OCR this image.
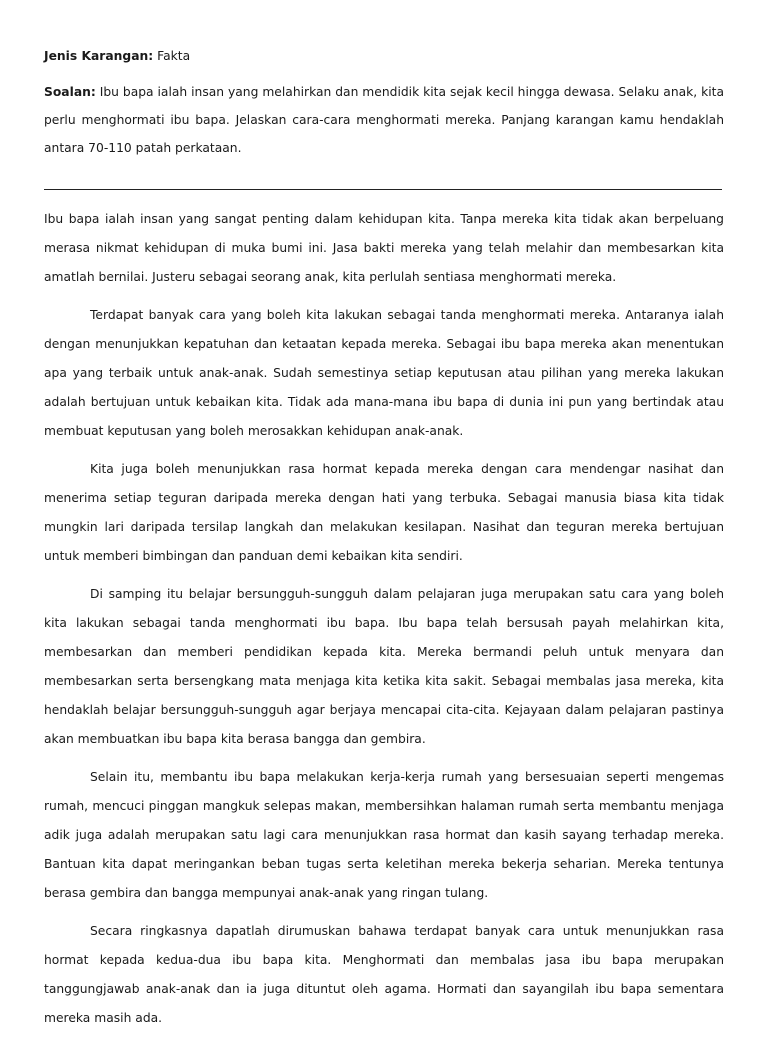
Jenis Karangan: Fakta
Soalan: Ibu bapa ialah insan yang melahirkan dan mendidik kita sejak kecil hingga dewasa. Selaku anak, kita perlu menghormati ibu bapa. Jelaskan cara-cara menghormati mereka. Panjang karangan kamu hendaklah antara 70-110 patah perkataan.

Ibu bapa ialah insan yang sangat penting dalam kehidupan kita. Tanpa mereka kita tidak akan berpeluang merasa nikmat kehidupan di muka bumi ini. Jasa bakti mereka yang telah melahir dan membesarkan kita amatlah bernilai. Justeru sebagai seorang anak, kita perlulah sentiasa menghormati mereka.

Terdapat banyak cara yang boleh kita lakukan sebagai tanda menghormati mereka. Antaranya ialah dengan menunjukkan kepatuhan dan ketaatan kepada mereka. Sebagai ibu bapa mereka akan menentukan apa yang terbaik untuk anak-anak. Sudah semestinya setiap keputusan atau pilihan yang mereka lakukan adalah bertujuan untuk kebaikan kita. Tidak ada mana-mana ibu bapa di dunia ini pun yang bertindak atau membuat keputusan yang boleh merosakkan kehidupan anak-anak.

Kita juga boleh menunjukkan rasa hormat kepada mereka dengan cara mendengar nasihat dan menerima setiap teguran daripada mereka dengan hati yang terbuka. Sebagai manusia biasa kita tidak mungkin lari daripada tersilap langkah dan melakukan kesilapan. Nasihat dan teguran mereka bertujuan untuk memberi bimbingan dan panduan demi kebaikan kita sendiri.

Di samping itu belajar bersungguh-sungguh dalam pelajaran juga merupakan satu cara yang boleh kita lakukan sebagai tanda menghormati ibu bapa. Ibu bapa telah bersusah payah melahirkan kita, membesarkan dan memberi pendidikan kepada kita. Mereka bermandi peluh untuk menyara dan membesarkan serta bersengkang mata menjaga kita ketika kita sakit. Sebagai membalas jasa mereka, kita hendaklah belajar bersungguh-sungguh agar berjaya mencapai cita-cita. Kejayaan dalam pelajaran pastinya akan membuatkan ibu bapa kita berasa bangga dan gembira.

Selain itu, membantu ibu bapa melakukan kerja-kerja rumah yang bersesuaian seperti mengemas rumah, mencuci pinggan mangkuk selepas makan, membersihkan halaman rumah serta membantu menjaga adik juga adalah merupakan satu lagi cara menunjukkan rasa hormat dan kasih sayang terhadap mereka. Bantuan kita dapat meringankan beban tugas serta keletihan mereka bekerja seharian. Mereka tentunya berasa gembira dan bangga mempunyai anak-anak yang ringan tulang.

Secara ringkasnya dapatlah dirumuskan bahawa terdapat banyak cara untuk menunjukkan rasa hormat kepada kedua-dua ibu bapa kita. Menghormati dan membalas jasa ibu bapa merupakan tanggungjawab anak-anak dan ia juga dituntut oleh agama. Hormati dan sayangilah ibu bapa sementara mereka masih ada.
